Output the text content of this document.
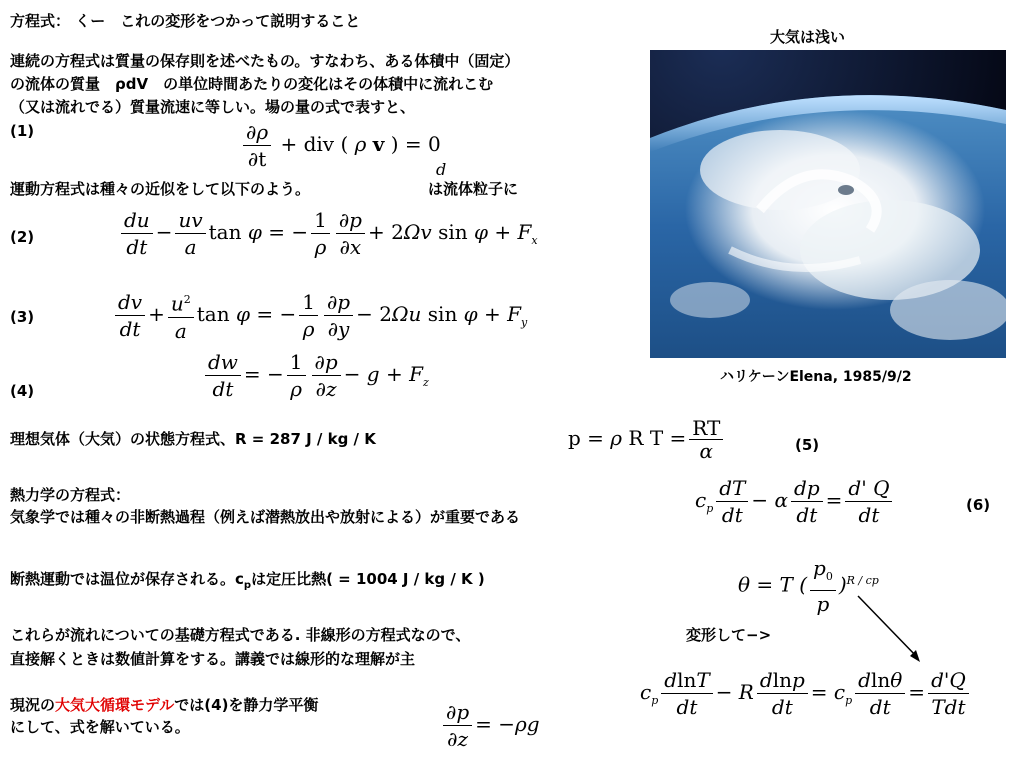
方程式： くー　これの変形をつかって説明すること
連続の方程式は質量の保存則を述べたもの。すなわち、ある体積中（固定）
の流体の質量　ρdV　の単位時間あたりの変化はその体積中に流れこむ
（又は流れでる）質量流速に等しい。場の量の式で表すと、
(1)	$\frac{\partial\rho}{\partial t}$ + div ( ρ v ) = 0
運動方程式は種々の近似をして以下のよう。	は流体粒子に
d
(2)	$\frac{du}{dt} - \frac{uv}{a}$ tan φ = − $\frac{1}{\rho} \frac{\partial p}{\partial x} + 2\Omega v$ $\sin \varphi + F_x$
(3)	$\frac{dv}{dt} + \frac{u^2}{a}$ tan φ = − $\frac{1}{\rho} \frac{\partial p}{\partial y} - 2\Omega u$ $\sin \varphi + F_y$
(4)	$\frac{dw}{dt}$ = − $\frac{1}{\rho} \frac{\partial p}{\partial z} - g + F_z$
理想気体（大気）の状態方程式、R = 287 J / kg / K	p = ρ R $T = \frac{RT}{\alpha}$	(5)
熱力学の方程式：
気象学では種々の非断熱過程（例えば潜熱放出や放射による）が重要である
$c_p \frac{dT}{dt} - \alpha \frac{dp}{dt} = \frac{d' Q}{dt}$	(6)
断熱運動では温位が保存される。$c_p$は定圧比熱( = 1004 J / kg / K )	θ = T ( $\frac{p_0}{p} )^{R / cp}$
これらが流れについての基礎方程式である. 非線形の方程式なので、
直接解くときは数値計算をする。講義では線形的な理解が主
変形して−>
$c_p \frac{dlnT}{dt} - R \frac{dlnp}{dt} = c_p \frac{dln\theta}{dt} = \frac{d'Q}{\text{Tdt}}$
現況の大気大循環モデルでは(4)を静力学平衡
にして、式を解いている。	$\frac{\partial p}{\partial z} = -\rho g$
大気は浅い
ハリケーンElena, 1985/9/2
